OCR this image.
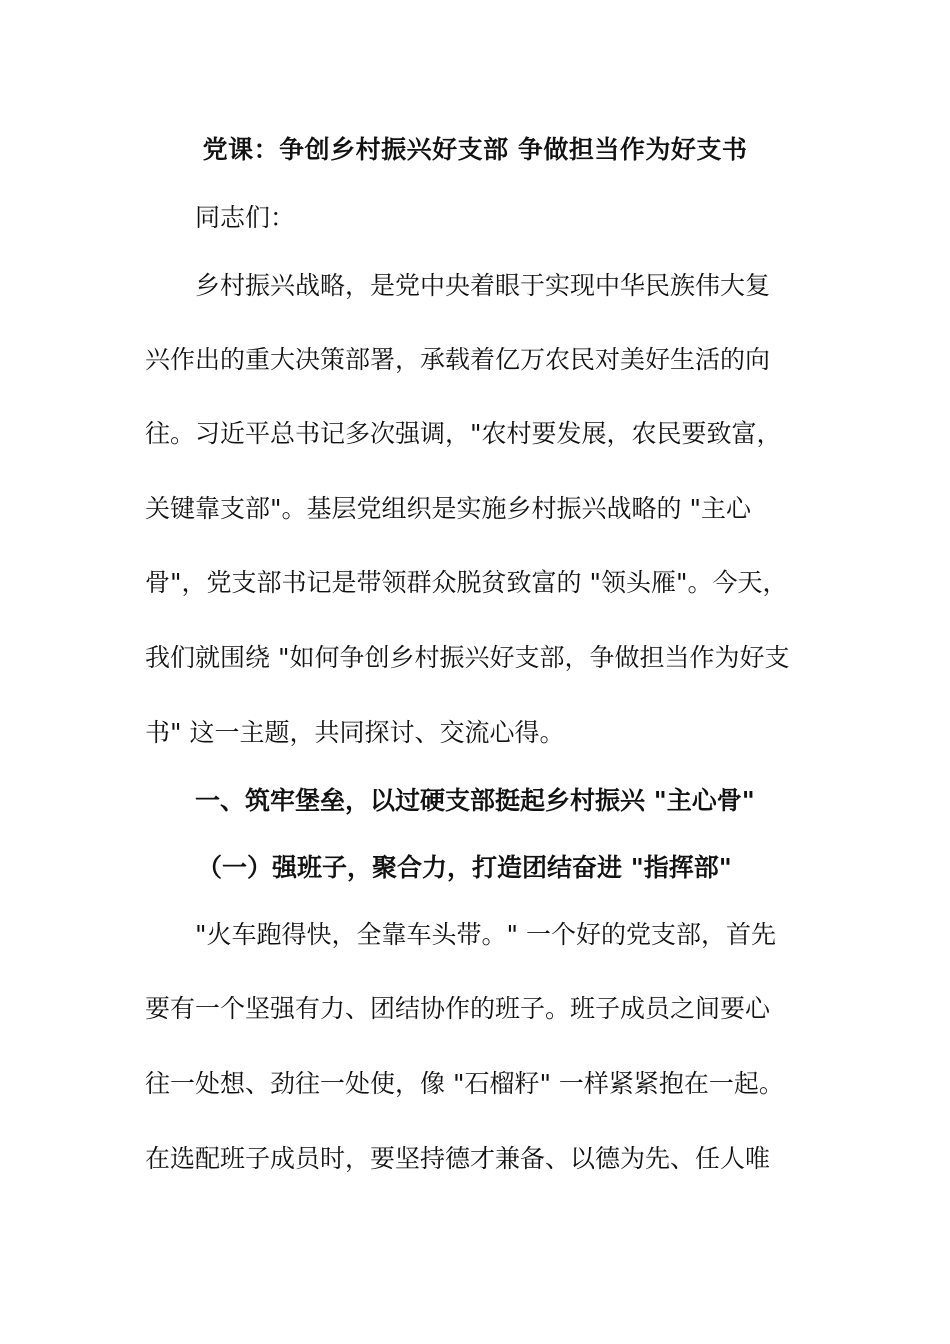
党课：争创乡村振兴好支部 争做担当作为好支书
同志们：
乡村振兴战略，是党中央着眼于实现中华民族伟大复
兴作出的重大决策部署，承载着亿万农民对美好生活的向
往。习近平总书记多次强调，"农村要发展，农民要致富，
关键靠支部"。基层党组织是实施乡村振兴战略的 "主心
骨"，党支部书记是带领群众脱贫致富的 "领头雁"。今天，
我们就围绕 "如何争创乡村振兴好支部，争做担当作为好支
书" 这一主题，共同探讨、交流心得。
一、筑牢堡垒，以过硬支部挺起乡村振兴 "主心骨"
（一）强班子，聚合力，打造团结奋进 "指挥部"
"火车跑得快，全靠车头带。" 一个好的党支部，首先
要有一个坚强有力、团结协作的班子。班子成员之间要心
往一处想、劲往一处使，像 "石榴籽" 一样紧紧抱在一起。
在选配班子成员时，要坚持德才兼备、以德为先、任人唯
